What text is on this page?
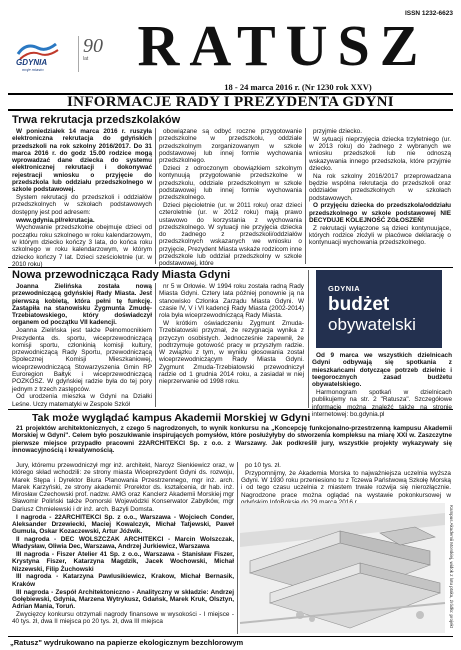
ISSN 1232-6623
GDYNIA
moje miasto
90
lat RATUSZ
18 - 24 marca 2016 r. (Nr 1230 rok XXV)
INFORMACJE RADY I PREZYDENTA GDYNI
Trwa rekrutacja przedszkolaków

W poniedziałek 14 marca 2016 r. ruszyła elektroniczna rekrutacja do gdyńskich przedszkoli na rok szkolny 2016/2017. Do 31 marca 2016 r. do godz 15.00 rodzice mogą wprowadzać dane dziecka do systemu elektronicznej rekrutacji i dokonywać rejestracji wniosku o przyjęcie do przedszkola lub oddziału przedszkolnego w szkole podstawowej.

System rekrutacji do przedszkoli i oddziałów przedszkolnych w szkołach podstawowych dostępny jest pod adresem:

www.gdynia.pl/rekrutacja.

Wychowanie przedszkolne obejmuje dzieci od początku roku szkolnego w roku kalendarzowym, w którym dziecko kończy 3 lata, do końca roku szkolnego w roku kalendarzowym, w którym dziecko kończy 7 lat. Dzieci sześcioletnie (ur. w 2010 roku)

obowiązane są odbyć roczne przygotowanie przedszkolne w przedszkolu, oddziale przedszkolnym zorganizowanym w szkole podstawowej lub innej formie wychowania przedszkolnego.

Dzieci z odroczonym obowiązkiem szkolnym kontynuują przygotowanie przedszkolne w przedszkolu, oddziale przedszkolnym w szkole podstawowej lub innej formie wychowania przedszkolnego.

Dzieci pięcioletnie (ur. w 2011 roku) oraz dzieci czteroletnie (ur. w 2012 roku) mają prawo ustawowo do korzystania z wychowania przedszkolnego. W sytuacji nie przyjęcia dziecka do żadnego z przedszkoli/oddziałów przedszkolnych wskazanych we wniosku o przyjęcie, Prezydent Miasta wskaże rodzicom inne przedszkole lub oddział przedszkolny w szkole podstawowej, które

przyjmie dziecko.

W sytuacji nieprzyjęcia dziecka trzyletniego (ur. w 2013 roku) do żadnego z wybranych we wniosku przedszkoli lub nie odnoszą wskazywania innego przedszkola, które przyjmie dziecko.

Na rok szkolny 2016/2017 przeprowadzana będzie wspólna rekrutacja do przedszkoli oraz oddziałów przedszkolnych w szkołach podstawowych.

O przyjęciu dziecka do przedszkola/oddziału przedszkolnego w szkole podstawowej NIE DECYDUJE KOLEJNOŚĆ ZGŁOSZEŃ!

Z rekrutacji wyłączone są dzieci kontynuujące, których rodzice złożyli w placówce deklarację o kontynuacji wychowania przedszkolnego.

Nowa przewodnicząca Rady Miasta Gdyni

Joanna Zielińska została nową przewodniczącą gdyńskiej Rady Miasta. Jest pierwszą kobietą, która pełni tę funkcję. Zastąpiła na stanowisku Zygmunta Zmudę-Trzebiatowskiego, który doświadczył organem od początku VII kadencji.

Joanna Zielińska jest także Pełnomocnikiem Prezydenta ds. sportu, wiceprzewodniczącą komisji sportu, członkinią komisji kultury, przewodniczącą Rady Sportu, przewodniczącą Społecznej Komisji Mieszkaniowej, wiceprzewodniczącą Stowarzyszenia Gmin RP Euroregion Bałtyk i wiceprzewodniczącą POZKOSZ. W gdyńskiej radzie była do tej pory jednym z trzech zastępców.

Od urodzenia mieszka w Gdyni na Działki Leśne. Uczy matematyki w Zespole Szkół

nr 5 w Orłowie. W 1994 roku została radną Rady Miasta Gdyni. Cztery lata później ponownie ją na stanowisko Członka Zarządu Miasta Gdyni. W czasie IV, V i VI kadencji Rady Miasta (2002-2014) rola była wiceprzewodniczącą Rady Miasta.

W krótkim oświadczeniu Zygmunt Zmuda-Trzebiatowski przyznał, że rezygnacja wynika z przyczyn osobistych. Jednocześnie zapewnił, że podtrzymuje gotowość pracy w przyszłym radzie. W związku z tym, w wyniku głosowania został wiceprzewodniczącym Rady Miasta Gdyni. Zygmunt Zmuda-Trzebiatowski przewodniczył radzie od 1 grudnia 2014 roku, a zasiadał w niej nieprzerwanie od 1998 roku.

GDYNIA
budżet
obywatelski

Od 9 marca we wszystkich dzielnicach Gdyni odbywają się spotkania z mieszkańcami dotyczące potrzeb dzielnic i teegorocznych zasad budżetu obywatelskiego.

Harmonogram spotkań w dzielnicach publikujemy na str. 2 "Ratusza". Szczegółowe informacje można znaleźć także na stronie internetowej: bo.gdynia.pl

Tak może wyglądać kampus Akademii Morskiej w Gdyni

21 projektów architektonicznych, z czego 5 nagrodzonych, to wynik konkursu na „Koncepcję funkcjonalno-przestrzenną kampusu Akademii Morskiej w Gdyni". Celem było poszukiwanie inspirujących pomysłów, które posłużyłyby do stworzenia kompleksu na miarę XXI w. Zaszczytne pierwsze miejsce przypadło pracowni 22ARCHITEKCI Sp. z o.o. z Warszawy. Jak podkreślił jury, wszystkie projekty wykazywały się innowacyjnością i kreatywnością.

Jury, któremu przewodniczył mgr inż. architekt, Narcyz Sienkiewicz oraz, w którego skład wchodzili: ze strony miasta Wiceprezydent Gdyni ds. rozwoju, Marek Stępa i Dyrektor Biura Planowania Przestrzennego, mgr inż. arch. Marek Karzyński, ze strony akademii: Prorektor ds. kształcenia, dr hab. inż. Mirosław Czechowski prof. nadzw. AMG oraz Kanclerz Akademii Morskiej mgr Sławomir Poliński także Pomorski Wojewódzki Konserwator Zabytków, mgr Dariusz Chmielewski i dr inż. arch. Bazyli Domsta.

I nagroda - 22ARCHITEKCI Sp. z o.o., Warszawa - Wojciech Conder, Aleksander Drzewiecki, Maciej Kowalczyk, Michał Tatjewski, Paweł Gumula, Oskar Kozaczewski, Artur Jóźwik.

II nagroda - DEC WOLSZCZAK ARCHITEKCI - Marcin Wolszczak, Władysław, Oliwia Dec, Warszawa, Andrzej Jurkiewicz, Warszawa

III nagroda - Fiszer Atelier 41 Sp. z o.o., Warszawa - Stanisław Fiszer, Krystyna Fiszer, Katarzyna Magdzik, Jacek Wochowski, Michał Nizzewski, Filip Żuchowski

III nagroda - Katarzyna Pawlusikiewicz, Krakow, Michał Bernasik, Kraków

III nagroda - Zespół Architektoniczno - Analityczny w składzie: Andrzej Gołębiewski, Gdynia, Marzena Wytrykusz, Gdańsk, Marek Kruk, Olsztyn, Adrian Mania, Toruń.

Zwycięzcy konkursu otrzymali nagrody finansowe w wysokości - I miejsce - 40 tys. zł, dwa II miejsca po 20 tys. zł, dwa III miejsca

po 10 tys. zł.

Przypomnijmy, że Akademia Morska to najważniejsza uczelnia wyższa Gdyni. W 1930 roku przeniesiono tu z Tczewa Państwową Szkołę Morską i od tego czasu uczelnia z miastem trwale rozwija się nierozłącznie. Nagrodzone prace można oglądać na wystawie pokonkursowej w

Kampus Akademii Morskiej, widok z lotu ptaka, źródło: projekt
„Ratusz" wydrukowano na papierze ekologicznym bezchlorowym
